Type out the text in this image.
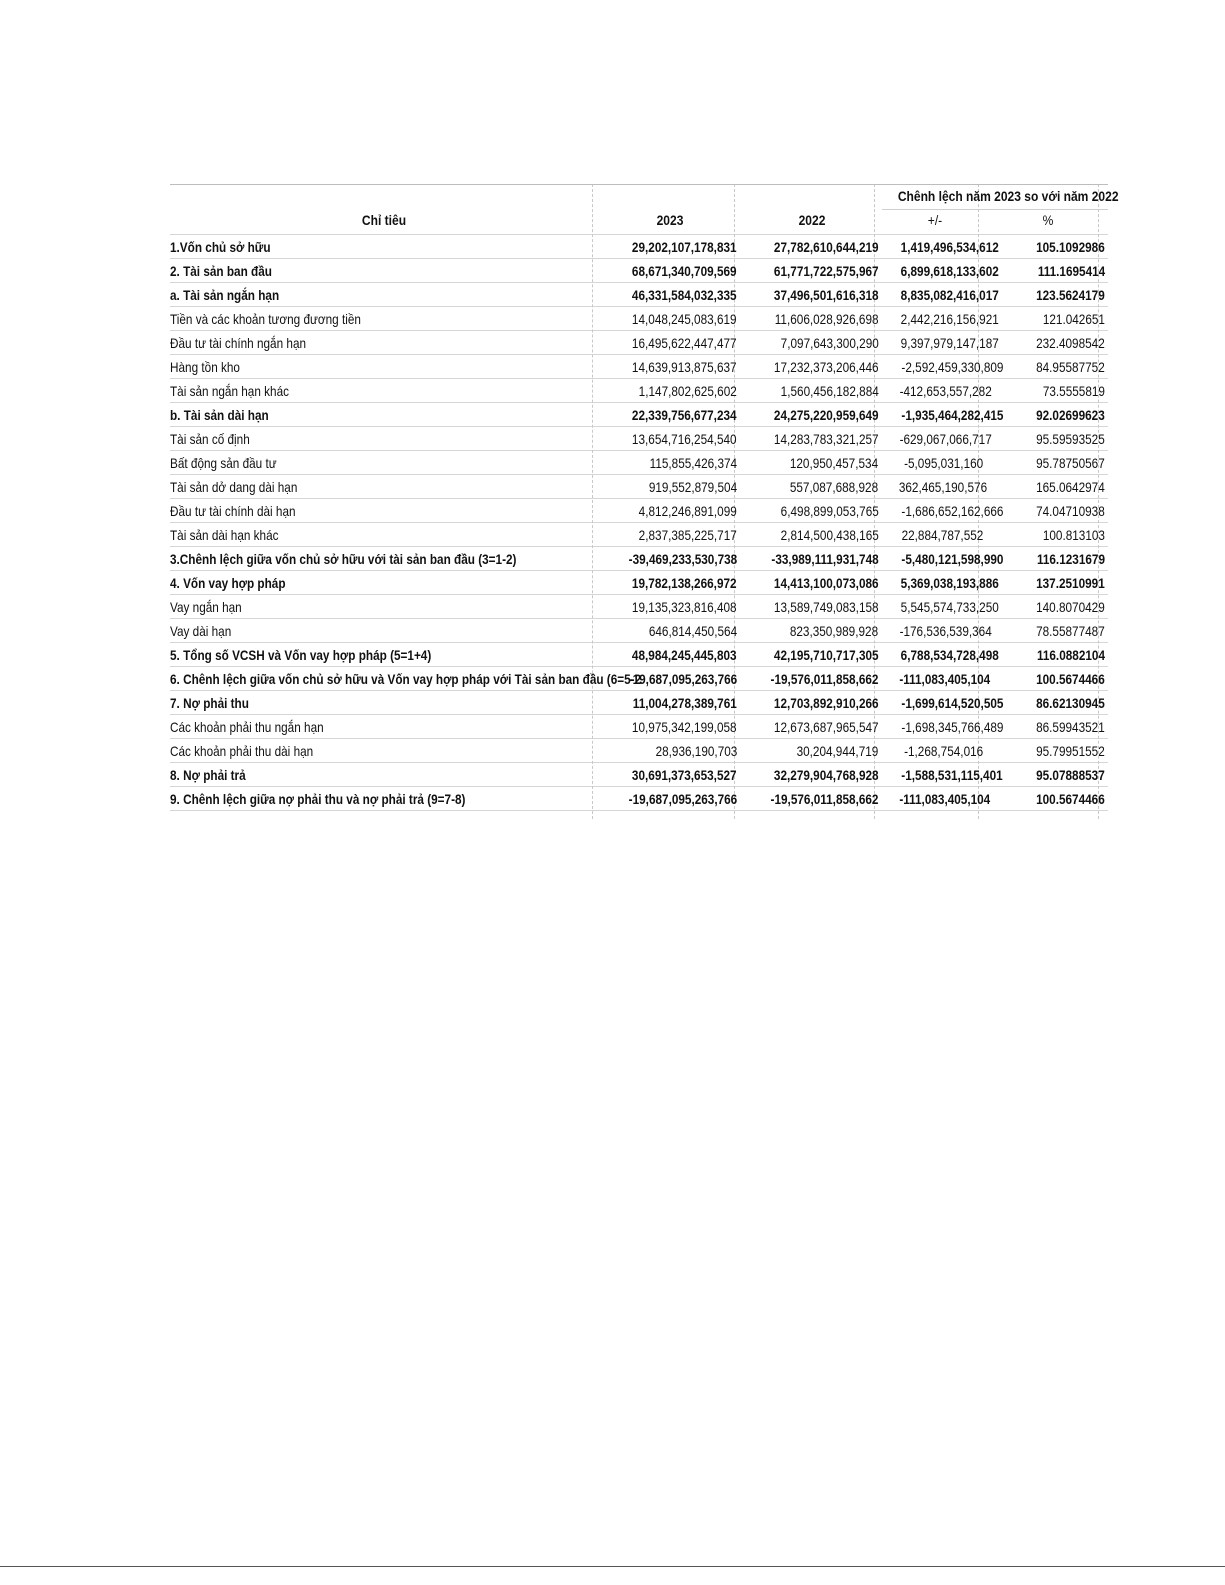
Chênh lệch năm 2023 so với năm 2022
Chỉ tiêu	2023	2022	+/-	%
1.Vốn chủ sở hữu	29,202,107,178,831	27,782,610,644,219	1,419,496,534,612	105.1092986
2. Tài sản ban đầu	68,671,340,709,569	61,771,722,575,967	6,899,618,133,602	111.1695414
a. Tài sản ngắn hạn	46,331,584,032,335	37,496,501,616,318	8,835,082,416,017	123.5624179
Tiền và các khoản tương đương tiền	14,048,245,083,619	11,606,028,926,698	2,442,216,156,921	121.042651
Đầu tư tài chính ngắn hạn	16,495,622,447,477	7,097,643,300,290	9,397,979,147,187	232.4098542
Hàng tồn kho	14,639,913,875,637	17,232,373,206,446	-2,592,459,330,809	84.95587752
Tài sản ngắn hạn khác	1,147,802,625,602	1,560,456,182,884	-412,653,557,282	73.5555819
b. Tài sản dài hạn	22,339,756,677,234	24,275,220,959,649	-1,935,464,282,415	92.02699623
Tài sản cố định	13,654,716,254,540	14,283,783,321,257	-629,067,066,717	95.59593525
Bất động sản đầu tư	115,855,426,374	120,950,457,534	-5,095,031,160	95.78750567
Tài sản dở dang dài hạn	919,552,879,504	557,087,688,928	362,465,190,576	165.0642974
Đầu tư tài chính dài hạn	4,812,246,891,099	6,498,899,053,765	-1,686,652,162,666	74.04710938
Tài sản dài hạn khác	2,837,385,225,717	2,814,500,438,165	22,884,787,552	100.813103
3.Chênh lệch giữa vốn chủ sở hữu với tài sản ban đầu (3=1-2)	-39,469,233,530,738	-33,989,111,931,748	-5,480,121,598,990	116.1231679
4. Vốn vay hợp pháp	19,782,138,266,972	14,413,100,073,086	5,369,038,193,886	137.2510991
Vay ngắn hạn	19,135,323,816,408	13,589,749,083,158	5,545,574,733,250	140.8070429
Vay dài hạn	646,814,450,564	823,350,989,928	-176,536,539,364	78.55877487
5. Tổng số VCSH và Vốn vay hợp pháp (5=1+4)	48,984,245,445,803	42,195,710,717,305	6,788,534,728,498	116.0882104
6. Chênh lệch giữa vốn chủ sở hữu và Vốn vay hợp pháp với Tài sản ban đầu (6=5-2	-19,687,095,263,766	-19,576,011,858,662	-111,083,405,104	100.5674466
7. Nợ phải thu	11,004,278,389,761	12,703,892,910,266	-1,699,614,520,505	86.62130945
Các khoản phải thu ngắn hạn	10,975,342,199,058	12,673,687,965,547	-1,698,345,766,489	86.59943521
Các khoản phải thu dài hạn	28,936,190,703	30,204,944,719	-1,268,754,016	95.79951552
8. Nợ phải trả	30,691,373,653,527	32,279,904,768,928	-1,588,531,115,401	95.07888537
9. Chênh lệch giữa nợ phải thu và nợ phải trả (9=7-8)	-19,687,095,263,766	-19,576,011,858,662	-111,083,405,104	100.5674466
